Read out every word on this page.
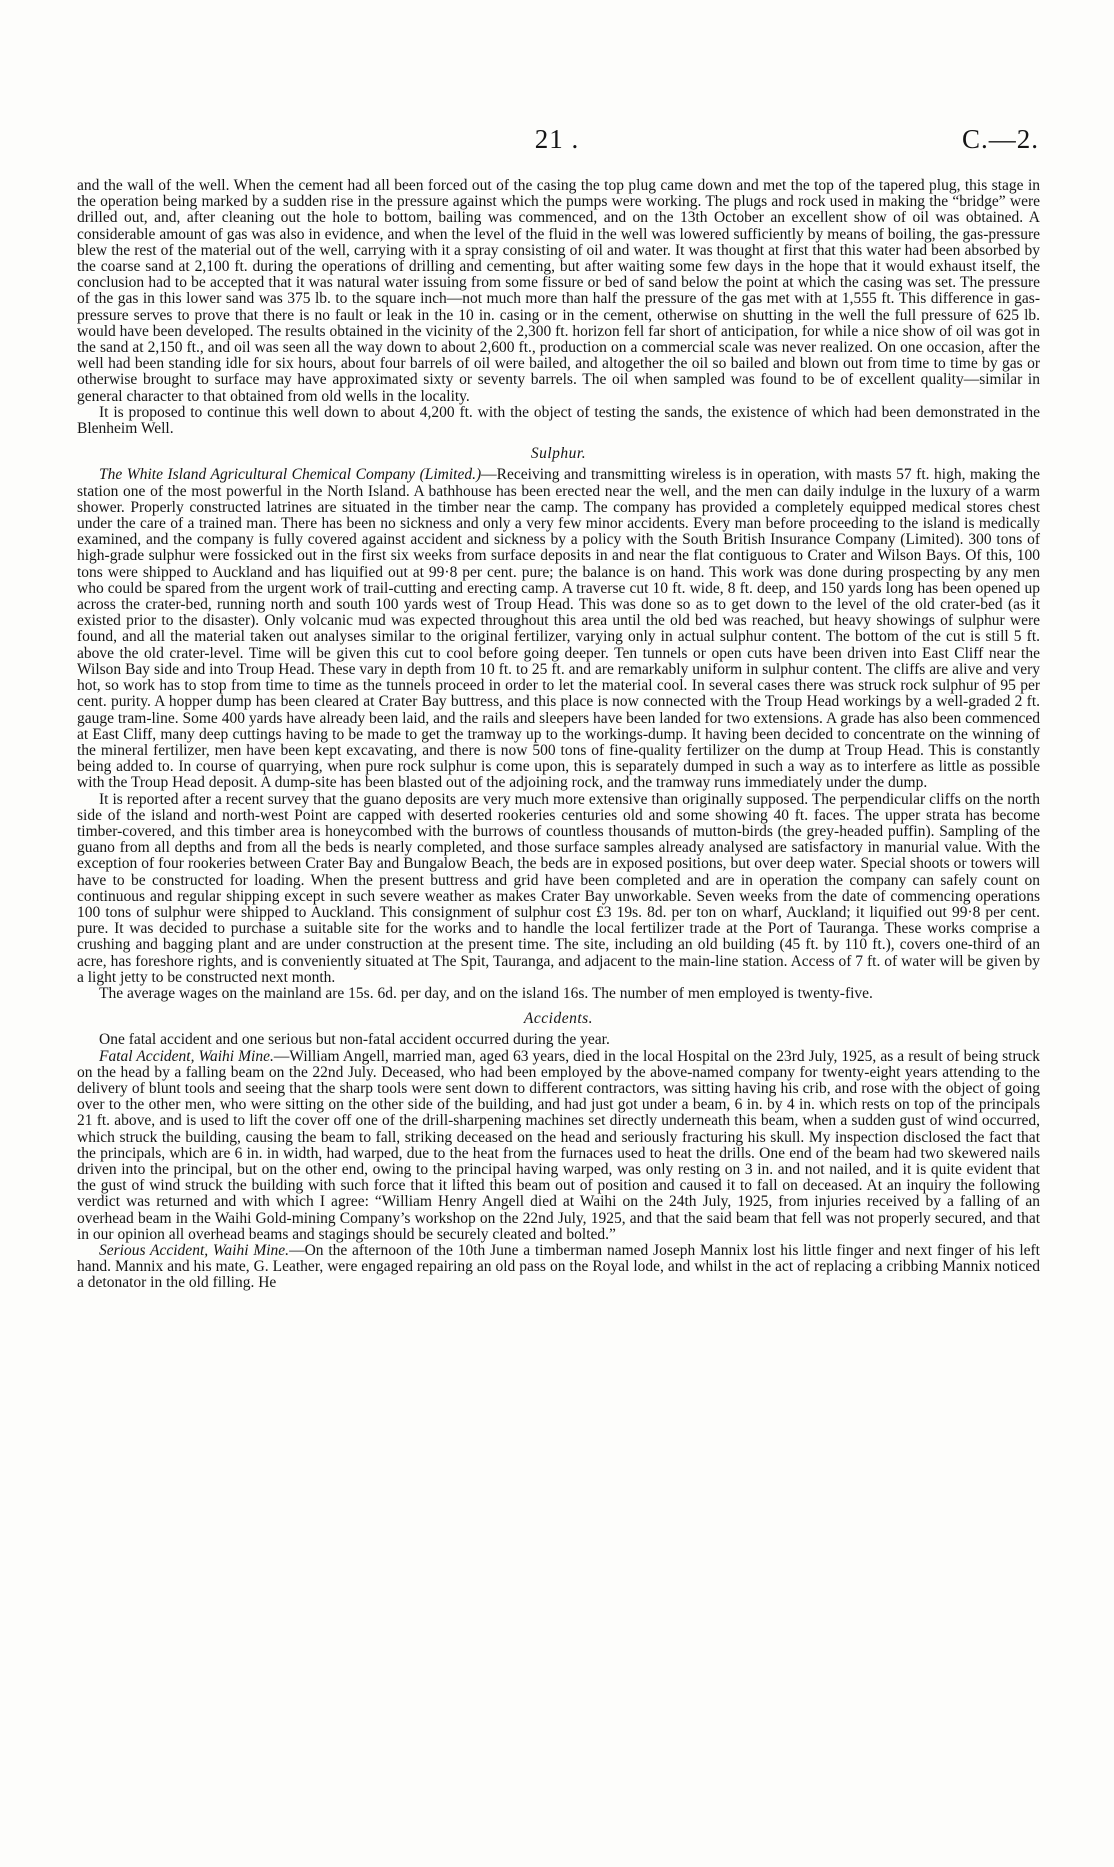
21 .	C.—2.

and the wall of the well. When the cement had all been forced out of the casing the top plug came down and met the top of the tapered plug, this stage in the operation being marked by a sudden rise in the pressure against which the pumps were working. The plugs and rock used in making the “bridge” were drilled out, and, after cleaning out the hole to bottom, bailing was commenced, and on the 13th October an excellent show of oil was obtained. A considerable amount of gas was also in evidence, and when the level of the fluid in the well was lowered sufficiently by means of boiling, the gas-pressure blew the rest of the material out of the well, carrying with it a spray consisting of oil and water. It was thought at first that this water had been absorbed by the coarse sand at 2,100 ft. during the operations of drilling and cementing, but after waiting some few days in the hope that it would exhaust itself, the conclusion had to be accepted that it was natural water issuing from some fissure or bed of sand below the point at which the casing was set. The pressure of the gas in this lower sand was 375 lb. to the square inch—not much more than half the pressure of the gas met with at 1,555 ft. This difference in gas-pressure serves to prove that there is no fault or leak in the 10 in. casing or in the cement, otherwise on shutting in the well the full pressure of 625 lb. would have been developed. The results obtained in the vicinity of the 2,300 ft. horizon fell far short of anticipation, for while a nice show of oil was got in the sand at 2,150 ft., and oil was seen all the way down to about 2,600 ft., production on a commercial scale was never realized. On one occasion, after the well had been standing idle for six hours, about four barrels of oil were bailed, and altogether the oil so bailed and blown out from time to time by gas or otherwise brought to surface may have approximated sixty or seventy barrels. The oil when sampled was found to be of excellent quality—similar in general character to that obtained from old wells in the locality.

It is proposed to continue this well down to about 4,200 ft. with the object of testing the sands, the existence of which had been demonstrated in the Blenheim Well.

Sulphur.

The White Island Agricultural Chemical Company (Limited.)—Receiving and transmitting wireless is in operation, with masts 57 ft. high, making the station one of the most powerful in the North Island. A bathhouse has been erected near the well, and the men can daily indulge in the luxury of a warm shower. Properly constructed latrines are situated in the timber near the camp. The company has provided a completely equipped medical stores chest under the care of a trained man. There has been no sickness and only a very few minor accidents. Every man before proceeding to the island is medically examined, and the company is fully covered against accident and sickness by a policy with the South British Insurance Company (Limited). 300 tons of high-grade sulphur were fossicked out in the first six weeks from surface deposits in and near the flat contiguous to Crater and Wilson Bays. Of this, 100 tons were shipped to Auckland and has liquified out at 99·8 per cent. pure; the balance is on hand. This work was done during prospecting by any men who could be spared from the urgent work of trail-cutting and erecting camp. A traverse cut 10 ft. wide, 8 ft. deep, and 150 yards long has been opened up across the crater-bed, running north and south 100 yards west of Troup Head. This was done so as to get down to the level of the old crater-bed (as it existed prior to the disaster). Only volcanic mud was expected throughout this area until the old bed was reached, but heavy showings of sulphur were found, and all the material taken out analyses similar to the original fertilizer, varying only in actual sulphur content. The bottom of the cut is still 5 ft. above the old crater-level. Time will be given this cut to cool before going deeper. Ten tunnels or open cuts have been driven into East Cliff near the Wilson Bay side and into Troup Head. These vary in depth from 10 ft. to 25 ft. and are remarkably uniform in sulphur content. The cliffs are alive and very hot, so work has to stop from time to time as the tunnels proceed in order to let the material cool. In several cases there was struck rock sulphur of 95 per cent. purity. A hopper dump has been cleared at Crater Bay buttress, and this place is now connected with the Troup Head workings by a well-graded 2 ft. gauge tram-line. Some 400 yards have already been laid, and the rails and sleepers have been landed for two extensions. A grade has also been commenced at East Cliff, many deep cuttings having to be made to get the tramway up to the workings-dump. It having been decided to concentrate on the winning of the mineral fertilizer, men have been kept excavating, and there is now 500 tons of fine-quality fertilizer on the dump at Troup Head. This is constantly being added to. In course of quarrying, when pure rock sulphur is come upon, this is separately dumped in such a way as to interfere as little as possible with the Troup Head deposit. A dump-site has been blasted out of the adjoining rock, and the tramway runs immediately under the dump.

It is reported after a recent survey that the guano deposits are very much more extensive than originally supposed. The perpendicular cliffs on the north side of the island and north-west Point are capped with deserted rookeries centuries old and some showing 40 ft. faces. The upper strata has become timber-covered, and this timber area is honeycombed with the burrows of countless thousands of mutton-birds (the grey-headed puffin). Sampling of the guano from all depths and from all the beds is nearly completed, and those surface samples already analysed are satisfactory in manurial value. With the exception of four rookeries between Crater Bay and Bungalow Beach, the beds are in exposed positions, but over deep water. Special shoots or towers will have to be constructed for loading. When the present buttress and grid have been completed and are in operation the company can safely count on continuous and regular shipping except in such severe weather as makes Crater Bay unworkable. Seven weeks from the date of commencing operations 100 tons of sulphur were shipped to Auckland. This consignment of sulphur cost £3 19s. 8d. per ton on wharf, Auckland; it liquified out 99·8 per cent. pure. It was decided to purchase a suitable site for the works and to handle the local fertilizer trade at the Port of Tauranga. These works comprise a crushing and bagging plant and are under construction at the present time. The site, including an old building (45 ft. by 110 ft.), covers one-third of an acre, has foreshore rights, and is conveniently situated at The Spit, Tauranga, and adjacent to the main-line station. Access of 7 ft. of water will be given by a light jetty to be constructed next month.

The average wages on the mainland are 15s. 6d. per day, and on the island 16s. The number of men employed is twenty-five.

Accidents.

One fatal accident and one serious but non-fatal accident occurred during the year.

Fatal Accident, Waihi Mine.—William Angell, married man, aged 63 years, died in the local Hospital on the 23rd July, 1925, as a result of being struck on the head by a falling beam on the 22nd July. Deceased, who had been employed by the above-named company for twenty-eight years attending to the delivery of blunt tools and seeing that the sharp tools were sent down to different contractors, was sitting having his crib, and rose with the object of going over to the other men, who were sitting on the other side of the building, and had just got under a beam, 6 in. by 4 in. which rests on top of the principals 21 ft. above, and is used to lift the cover off one of the drill-sharpening machines set directly underneath this beam, when a sudden gust of wind occurred, which struck the building, causing the beam to fall, striking deceased on the head and seriously fracturing his skull. My inspection disclosed the fact that the principals, which are 6 in. in width, had warped, due to the heat from the furnaces used to heat the drills. One end of the beam had two skewered nails driven into the principal, but on the other end, owing to the principal having warped, was only resting on 3 in. and not nailed, and it is quite evident that the gust of wind struck the building with such force that it lifted this beam out of position and caused it to fall on deceased. At an inquiry the following verdict was returned and with which I agree: “William Henry Angell died at Waihi on the 24th July, 1925, from injuries received by a falling of an overhead beam in the Waihi Gold-mining Company’s workshop on the 22nd July, 1925, and that the said beam that fell was not properly secured, and that in our opinion all overhead beams and stagings should be securely cleated and bolted.”

Serious Accident, Waihi Mine.—On the afternoon of the 10th June a timberman named Joseph Mannix lost his little finger and next finger of his left hand. Mannix and his mate, G. Leather, were engaged repairing an old pass on the Royal lode, and whilst in the act of replacing a cribbing Mannix noticed a detonator in the old filling. He
